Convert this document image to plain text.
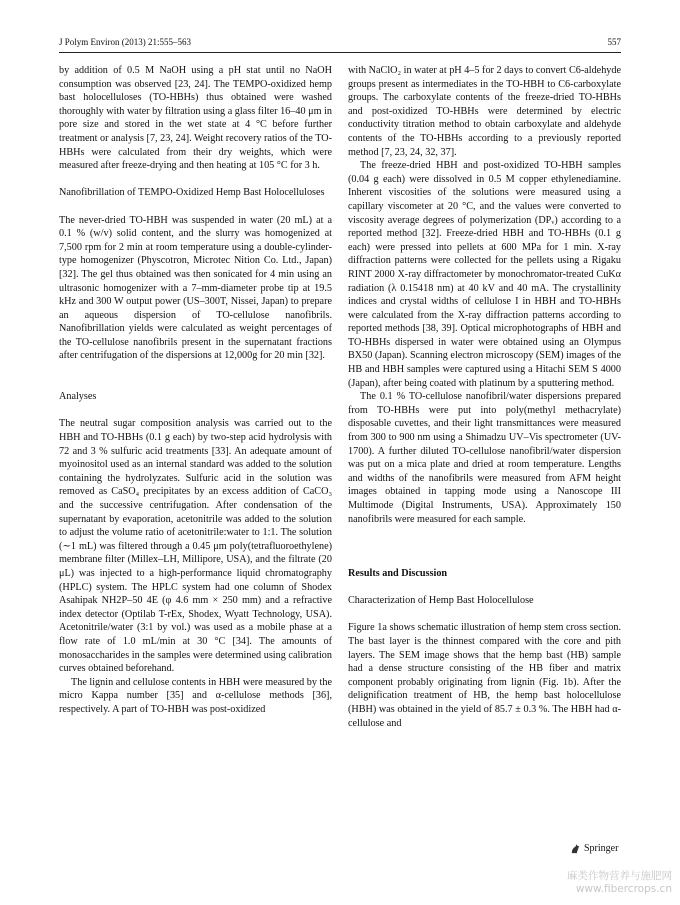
J Polym Environ (2013) 21:555–563	557

by addition of 0.5 M NaOH using a pH stat until no NaOH consumption was observed [23, 24]. The TEMPO-oxidized hemp bast holocelluloses (TO-HBHs) thus obtained were washed thoroughly with water by filtration using a glass filter 16–40 μm in pore size and stored in the wet state at 4 °C before further treatment or analysis [7, 23, 24]. Weight recovery ratios of the TO-HBHs were calculated from their dry weights, which were measured after freeze-drying and then heating at 105 °C for 3 h.

Nanofibrillation of TEMPO-Oxidized Hemp Bast Holocelluloses

The never-dried TO-HBH was suspended in water (20 mL) at a 0.1 % (w/v) solid content, and the slurry was homogenized at 7,500 rpm for 2 min at room temperature using a double-cylinder-type homogenizer (Physcotron, Microtec Nition Co. Ltd., Japan) [32]. The gel thus obtained was then sonicated for 4 min using an ultrasonic homogenizer with a 7–mm-diameter probe tip at 19.5 kHz and 300 W output power (US–300T, Nissei, Japan) to prepare an aqueous dispersion of TO-cellulose nanofibrils. Nanofibrillation yields were calculated as weight percentages of the TO-cellulose nanofibrils present in the supernatant fractions after centrifugation of the dispersions at 12,000g for 20 min [32].

Analyses

The neutral sugar composition analysis was carried out to the HBH and TO-HBHs (0.1 g each) by two-step acid hydrolysis with 72 and 3 % sulfuric acid treatments [33]. An adequate amount of myoinositol used as an internal standard was added to the solution containing the hydrolyzates. Sulfuric acid in the solution was removed as CaSO₄ precipitates by an excess addition of CaCO₃ and the successive centrifugation. After condensation of the supernatant by evaporation, acetonitrile was added to the solution to adjust the volume ratio of acetonitrile:water to 1:1. The solution (∼1 mL) was filtered through a 0.45 μm poly(tetrafluoroethylene) membrane filter (Millex–LH, Millipore, USA), and the filtrate (20 μL) was injected to a high-performance liquid chromatography (HPLC) system. The HPLC system had one column of Shodex Asahipak NH2P–50 4E (φ 4.6 mm × 250 mm) and a refractive index detector (Optilab T-rEx, Shodex, Wyatt Technology, USA). Acetonitrile/water (3:1 by vol.) was used as a mobile phase at a flow rate of 1.0 mL/min at 30 °C [34]. The amounts of monosaccharides in the samples were determined using calibration curves obtained beforehand.

The lignin and cellulose contents in HBH were measured by the micro Kappa number [35] and α-cellulose methods [36], respectively. A part of TO-HBH was post-oxidized

with NaClO₂ in water at pH 4–5 for 2 days to convert C6-aldehyde groups present as intermediates in the TO-HBH to C6-carboxylate groups. The carboxylate contents of the freeze-dried TO-HBHs and post-oxidized TO-HBHs were determined by electric conductivity titration method to obtain carboxylate and aldehyde contents of the TO-HBHs according to a previously reported method [7, 23, 24, 32, 37].

The freeze-dried HBH and post-oxidized TO-HBH samples (0.04 g each) were dissolved in 0.5 M copper ethylenediamine. Inherent viscosities of the solutions were measured using a capillary viscometer at 20 °C, and the values were converted to viscosity average degrees of polymerization (DPᵥ) according to a reported method [32]. Freeze-dried HBH and TO-HBHs (0.1 g each) were pressed into pellets at 600 MPa for 1 min. X-ray diffraction patterns were collected for the pellets using a Rigaku RINT 2000 X-ray diffractometer by monochromator-treated CuKα radiation (λ 0.15418 nm) at 40 kV and 40 mA. The crystallinity indices and crystal widths of cellulose I in HBH and TO-HBHs were calculated from the X-ray diffraction patterns according to reported methods [38, 39]. Optical microphotographs of HBH and TO-HBHs dispersed in water were obtained using an Olympus BX50 (Japan). Scanning electron microscopy (SEM) images of the HB and HBH samples were captured using a Hitachi SEM S 4000 (Japan), after being coated with platinum by a sputtering method.

The 0.1 % TO-cellulose nanofibril/water dispersions prepared from TO-HBHs were put into poly(methyl methacrylate) disposable cuvettes, and their light transmittances were measured from 300 to 900 nm using a Shimadzu UV–Vis spectrometer (UV-1700). A further diluted TO-cellulose nanofibril/water dispersion was put on a mica plate and dried at room temperature. Lengths and widths of the nanofibrils were measured from AFM height images obtained in tapping mode using a Nanoscope III Multimode (Digital Instruments, USA). Approximately 150 nanofibrils were measured for each sample.

Results and Discussion

Characterization of Hemp Bast Holocellulose

Figure 1a shows schematic illustration of hemp stem cross section. The bast layer is the thinnest compared with the core and pith layers. The SEM image shows that the hemp bast (HB) sample had a dense structure consisting of the HB fiber and matrix component probably originating from lignin (Fig. 1b). After the delignification treatment of HB, the hemp bast holocellulose (HBH) was obtained in the yield of 85.7 ± 0.3 %. The HBH had α-cellulose and

Springer
麻类作物营养与施肥网
www.fibercrops.cn
